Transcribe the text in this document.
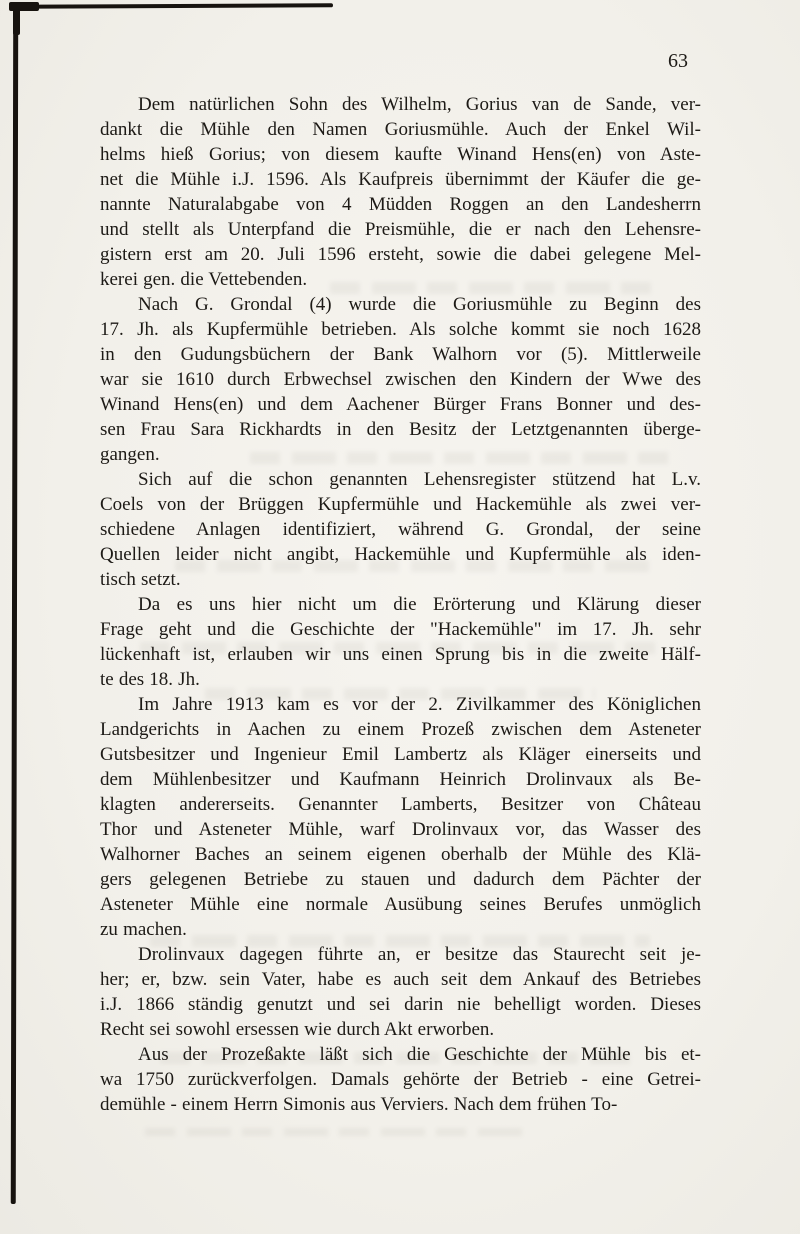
63

Dem natürlichen Sohn des Wilhelm, Gorius van de Sande, ver-
dankt die Mühle den Namen Goriusmühle. Auch der Enkel Wil-
helms hieß Gorius; von diesem kaufte Winand Hens(en) von Aste-
net die Mühle i.J. 1596. Als Kaufpreis übernimmt der Käufer die ge-
nannte Naturalabgabe von 4 Müdden Roggen an den Landesherrn
und stellt als Unterpfand die Preismühle, die er nach den Lehensre-
gistern erst am 20. Juli 1596 ersteht, sowie die dabei gelegene Mel-
kerei gen. die Vettebenden.

Nach G. Grondal (4) wurde die Goriusmühle zu Beginn des
17. Jh. als Kupfermühle betrieben. Als solche kommt sie noch 1628
in den Gudungsbüchern der Bank Walhorn vor (5). Mittlerweile
war sie 1610 durch Erbwechsel zwischen den Kindern der Wwe des
Winand Hens(en) und dem Aachener Bürger Frans Bonner und des-
sen Frau Sara Rickhardts in den Besitz der Letztgenannten überge-
gangen.

Sich auf die schon genannten Lehensregister stützend hat L.v.
Coels von der Brüggen Kupfermühle und Hackemühle als zwei ver-
schiedene Anlagen identifiziert, während G. Grondal, der seine
Quellen leider nicht angibt, Hackemühle und Kupfermühle als iden-
tisch setzt.

Da es uns hier nicht um die Erörterung und Klärung dieser
Frage geht und die Geschichte der "Hackemühle" im 17. Jh. sehr
lückenhaft ist, erlauben wir uns einen Sprung bis in die zweite Hälf-
te des 18. Jh.

Im Jahre 1913 kam es vor der 2. Zivilkammer des Königlichen
Landgerichts in Aachen zu einem Prozeß zwischen dem Asteneter
Gutsbesitzer und Ingenieur Emil Lambertz als Kläger einerseits und
dem Mühlenbesitzer und Kaufmann Heinrich Drolinvaux als Be-
klagten andererseits. Genannter Lamberts, Besitzer von Château
Thor und Asteneter Mühle, warf Drolinvaux vor, das Wasser des
Walhorner Baches an seinem eigenen oberhalb der Mühle des Klä-
gers gelegenen Betriebe zu stauen und dadurch dem Pächter der
Asteneter Mühle eine normale Ausübung seines Berufes unmöglich
zu machen.

Drolinvaux dagegen führte an, er besitze das Staurecht seit je-
her; er, bzw. sein Vater, habe es auch seit dem Ankauf des Betriebes
i.J. 1866 ständig genutzt und sei darin nie behelligt worden. Dieses
Recht sei sowohl ersessen wie durch Akt erworben.

Aus der Prozeßakte läßt sich die Geschichte der Mühle bis et-
wa 1750 zurückverfolgen. Damals gehörte der Betrieb - eine Getrei-
demühle - einem Herrn Simonis aus Verviers. Nach dem frühen To-
